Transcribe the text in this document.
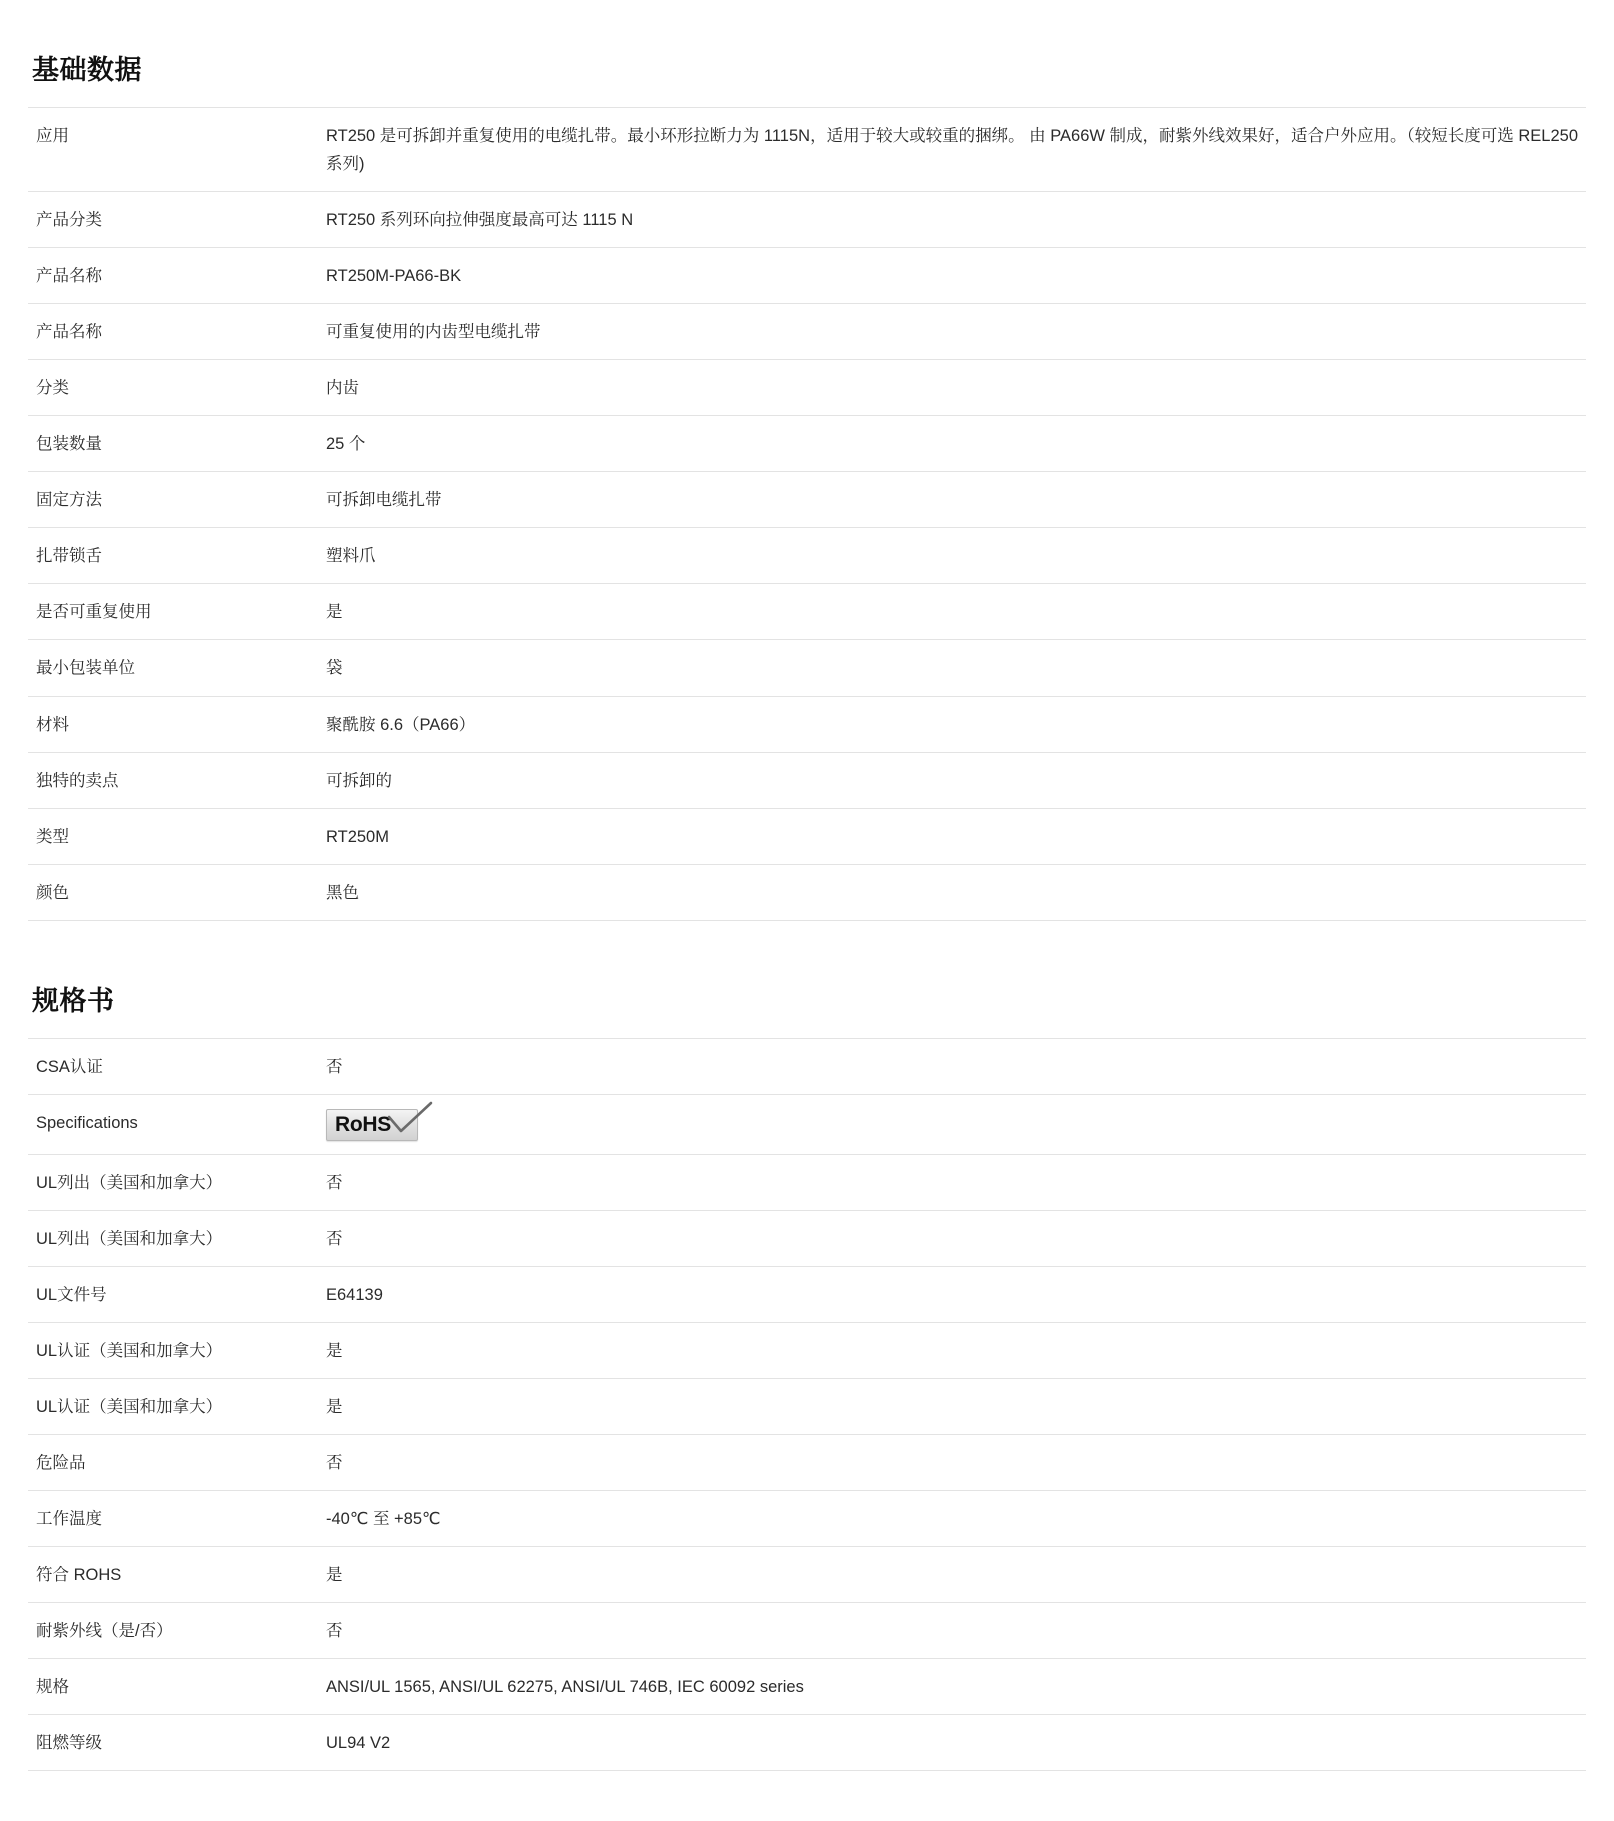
基础数据
应用	RT250 是可拆卸并重复使用的电缆扎带。最小环形拉断力为 1115N，适用于较大或较重的捆绑。 由 PA66W 制成，耐紫外线效果好，适合户外应用。（较短长度可选 REL250 系列)
产品分类	RT250 系列环向拉伸强度最高可达 1115 N
产品名称	RT250M-PA66-BK
产品名称	可重复使用的内齿型电缆扎带
分类	内齿
包装数量	25 个
固定方法	可拆卸电缆扎带
扎带锁舌	塑料爪
是否可重复使用	是
最小包装单位	袋
材料	聚酰胺 6.6（PA66）
独特的卖点	可拆卸的
类型	RT250M
颜色	黑色
规格书
CSA认证	否
Specifications	RoHS

UL列出（美国和加拿大）	否
UL列出（美国和加拿大）	否
UL文件号	E64139
UL认证（美国和加拿大）	是
UL认证（美国和加拿大）	是
危险品	否
工作温度	-40℃ 至 +85℃
符合 ROHS	是
耐紫外线（是/否）	否
规格	ANSI/UL 1565, ANSI/UL 62275, ANSI/UL 746B, IEC 60092 series
阻燃等级	UL94 V2
